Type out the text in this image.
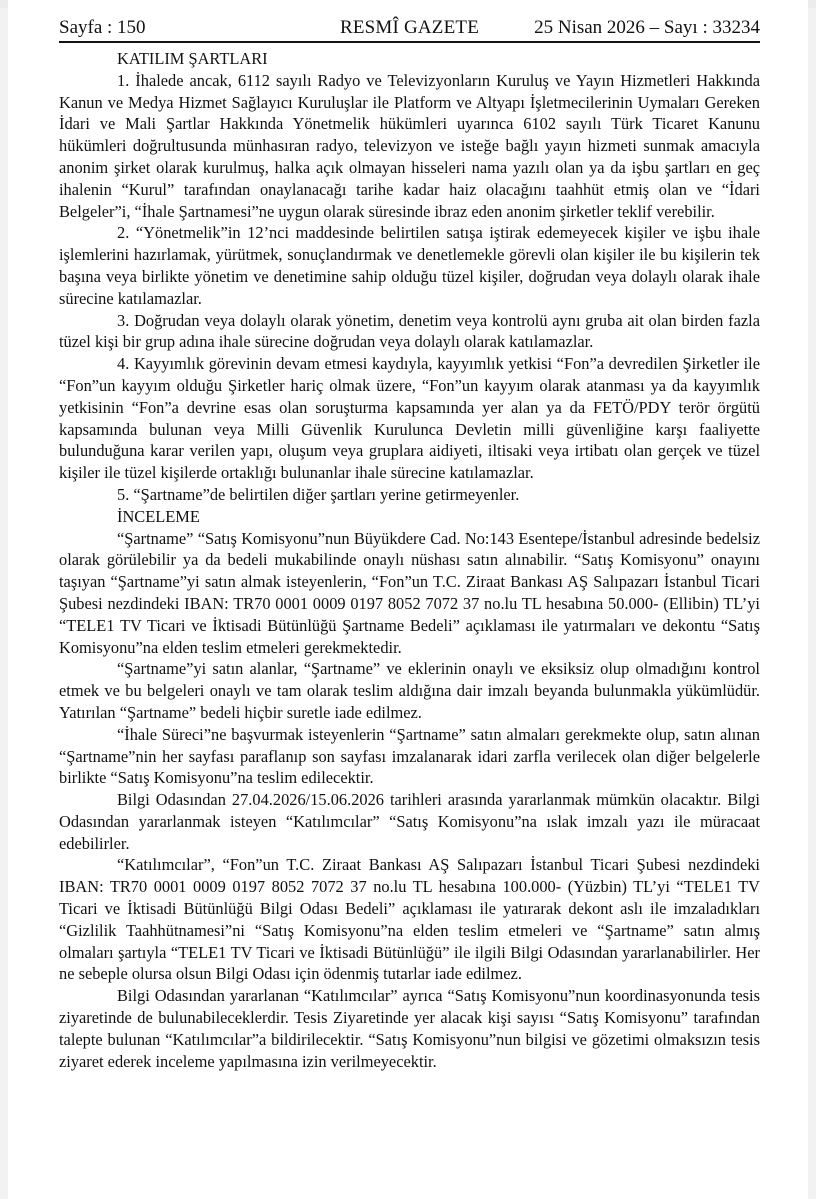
Sayfa : 150	RESMÎ GAZETE	25 Nisan 2026 – Sayı : 33234

KATILIM ŞARTLARI

1. İhalede ancak, 6112 sayılı Radyo ve Televizyonların Kuruluş ve Yayın Hizmetleri Hakkında Kanun ve Medya Hizmet Sağlayıcı Kuruluşlar ile Platform ve Altyapı İşletmecilerinin Uymaları Gereken İdari ve Mali Şartlar Hakkında Yönetmelik hükümleri uyarınca 6102 sayılı Türk Ticaret Kanunu hükümleri doğrultusunda münhasıran radyo, televizyon ve isteğe bağlı yayın hizmeti sunmak amacıyla anonim şirket olarak kurulmuş, halka açık olmayan hisseleri nama yazılı olan ya da işbu şartları en geç ihalenin “Kurul” tarafından onaylanacağı tarihe kadar haiz olacağını taahhüt etmiş olan ve “İdari Belgeler”i, “İhale Şartnamesi”ne uygun olarak süresinde ibraz eden anonim şirketler teklif verebilir.

2. “Yönetmelik”in 12’nci maddesinde belirtilen satışa iştirak edemeyecek kişiler ve işbu ihale işlemlerini hazırlamak, yürütmek, sonuçlandırmak ve denetlemekle görevli olan kişiler ile bu kişilerin tek başına veya birlikte yönetim ve denetimine sahip olduğu tüzel kişiler, doğrudan veya dolaylı olarak ihale sürecine katılamazlar.

3. Doğrudan veya dolaylı olarak yönetim, denetim veya kontrolü aynı gruba ait olan birden fazla tüzel kişi bir grup adına ihale sürecine doğrudan veya dolaylı olarak katılamazlar.

4. Kayyımlık görevinin devam etmesi kaydıyla, kayyımlık yetkisi “Fon”a devredilen Şirketler ile “Fon”un kayyım olduğu Şirketler hariç olmak üzere, “Fon”un kayyım olarak atanması ya da kayyımlık yetkisinin “Fon”a devrine esas olan soruşturma kapsamında yer alan ya da FETÖ/PDY terör örgütü kapsamında bulunan veya Milli Güvenlik Kurulunca Devletin milli güvenliğine karşı faaliyette bulunduğuna karar verilen yapı, oluşum veya gruplara aidiyeti, iltisaki veya irtibatı olan gerçek ve tüzel kişiler ile tüzel kişilerde ortaklığı bulunanlar ihale sürecine katılamazlar.

5. “Şartname”de belirtilen diğer şartları yerine getirmeyenler.

İNCELEME

“Şartname” “Satış Komisyonu”nun Büyükdere Cad. No:143 Esentepe/İstanbul adresinde bedelsiz olarak görülebilir ya da bedeli mukabilinde onaylı nüshası satın alınabilir. “Satış Komisyonu” onayını taşıyan “Şartname”yi satın almak isteyenlerin, “Fon”un T.C. Ziraat Bankası AŞ Salıpazarı İstanbul Ticari Şubesi nezdindeki IBAN: TR70 0001 0009 0197 8052 7072 37 no.lu TL hesabına 50.000- (Ellibin) TL’yi “TELE1 TV Ticari ve İktisadi Bütünlüğü Şartname Bedeli” açıklaması ile yatırmaları ve dekontu “Satış Komisyonu”na elden teslim etmeleri gerekmektedir.

“Şartname”yi satın alanlar, “Şartname” ve eklerinin onaylı ve eksiksiz olup olmadığını kontrol etmek ve bu belgeleri onaylı ve tam olarak teslim aldığına dair imzalı beyanda bulunmakla yükümlüdür. Yatırılan “Şartname” bedeli hiçbir suretle iade edilmez.

“İhale Süreci”ne başvurmak isteyenlerin “Şartname” satın almaları gerekmekte olup, satın alınan “Şartname”nin her sayfası paraflanıp son sayfası imzalanarak idari zarfla verilecek olan diğer belgelerle birlikte “Satış Komisyonu”na teslim edilecektir.

Bilgi Odasından 27.04.2026/15.06.2026 tarihleri arasında yararlanmak mümkün olacaktır. Bilgi Odasından yararlanmak isteyen “Katılımcılar” “Satış Komisyonu”na ıslak imzalı yazı ile müracaat edebilirler.

“Katılımcılar”, “Fon”un T.C. Ziraat Bankası AŞ Salıpazarı İstanbul Ticari Şubesi nezdindeki IBAN: TR70 0001 0009 0197 8052 7072 37 no.lu TL hesabına 100.000- (Yüzbin) TL’yi “TELE1 TV Ticari ve İktisadi Bütünlüğü Bilgi Odası Bedeli” açıklaması ile yatırarak dekont aslı ile imzaladıkları “Gizlilik Taahhütnamesi”ni “Satış Komisyonu”na elden teslim etmeleri ve “Şartname” satın almış olmaları şartıyla “TELE1 TV Ticari ve İktisadi Bütünlüğü” ile ilgili Bilgi Odasından yararlanabilirler. Her ne sebeple olursa olsun Bilgi Odası için ödenmiş tutarlar iade edilmez.

Bilgi Odasından yararlanan “Katılımcılar” ayrıca “Satış Komisyonu”nun koordinasyonunda tesis ziyaretinde de bulunabileceklerdir. Tesis Ziyaretinde yer alacak kişi sayısı “Satış Komisyonu” tarafından talepte bulunan “Katılımcılar”a bildirilecektir. “Satış Komisyonu”nun bilgisi ve gözetimi olmaksızın tesis ziyaret ederek inceleme yapılmasına izin verilmeyecektir.
